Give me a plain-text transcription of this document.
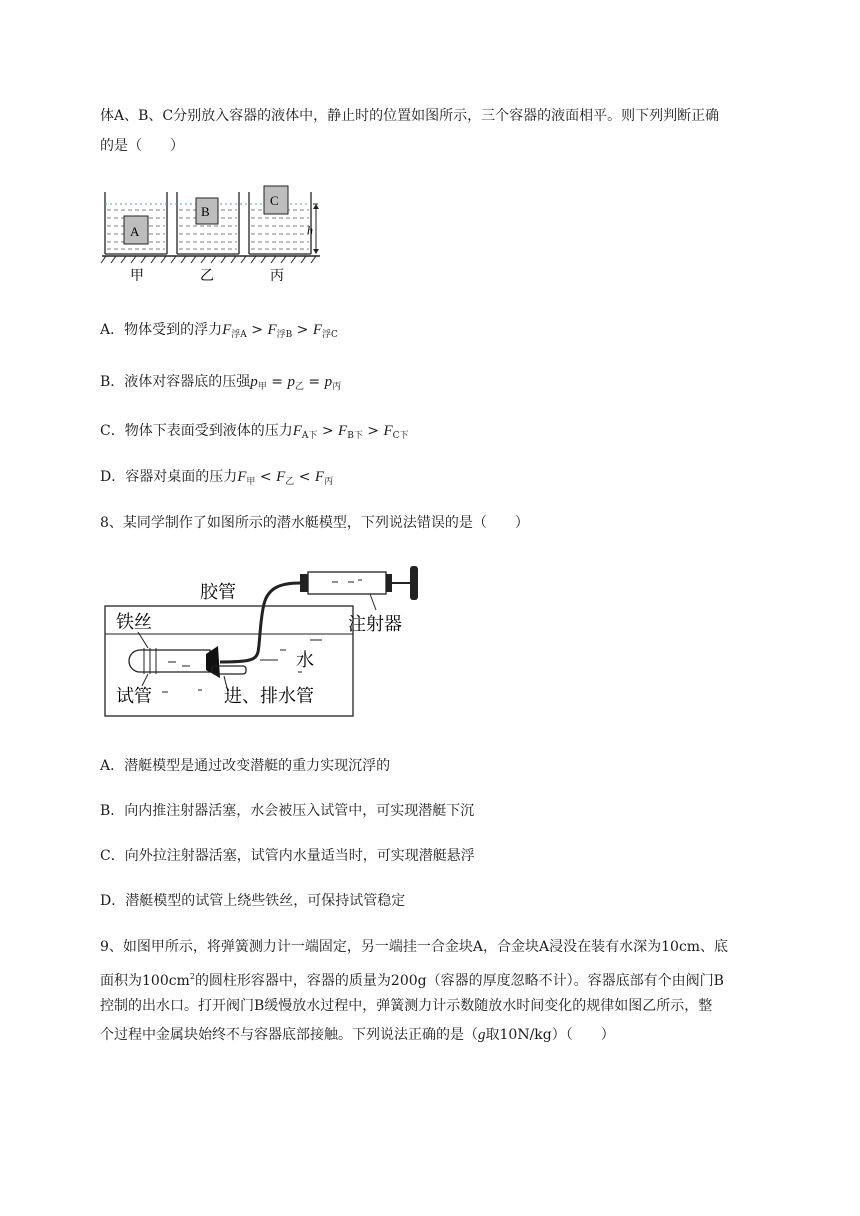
体A、B、C分别放入容器的液体中，静止时的位置如图所示，三个容器的液面相平。则下列判断正确
的是（　　）
A
B
C
h
甲	乙	丙
A．物体受到的浮力$F_{浮A} > F_{浮B} > F_{浮C}$
B．液体对容器底的压强$p_甲 = p_乙 = p_丙$
C．物体下表面受到液体的压力$F_{A下} > F_{B下} > F_{C下}$
D．容器对桌面的压力$F_甲 < F_乙 < F_丙$
8、某同学制作了如图所示的潜水艇模型，下列说法错误的是（　　）
胶管
铁丝	注射器
水
试管	进、排水管
A．潜艇模型是通过改变潜艇的重力实现沉浮的
B．向内推注射器活塞，水会被压入试管中，可实现潜艇下沉
C．向外拉注射器活塞，试管内水量适当时，可实现潜艇悬浮
D．潜艇模型的试管上绕些铁丝，可保持试管稳定
9、如图甲所示，将弹簧测力计一端固定，另一端挂一合金块A，合金块A浸没在装有水深为10cm、底
面积为$100cm^2$的圆柱形容器中，容器的质量为200g（容器的厚度忽略不计）。容器底部有个由阀门B
控制的出水口。打开阀门B缓慢放水过程中，弹簧测力计示数随放水时间变化的规律如图乙所示，整
个过程中金属块始终不与容器底部接触。下列说法正确的是（g取10N/kg）（　　）
